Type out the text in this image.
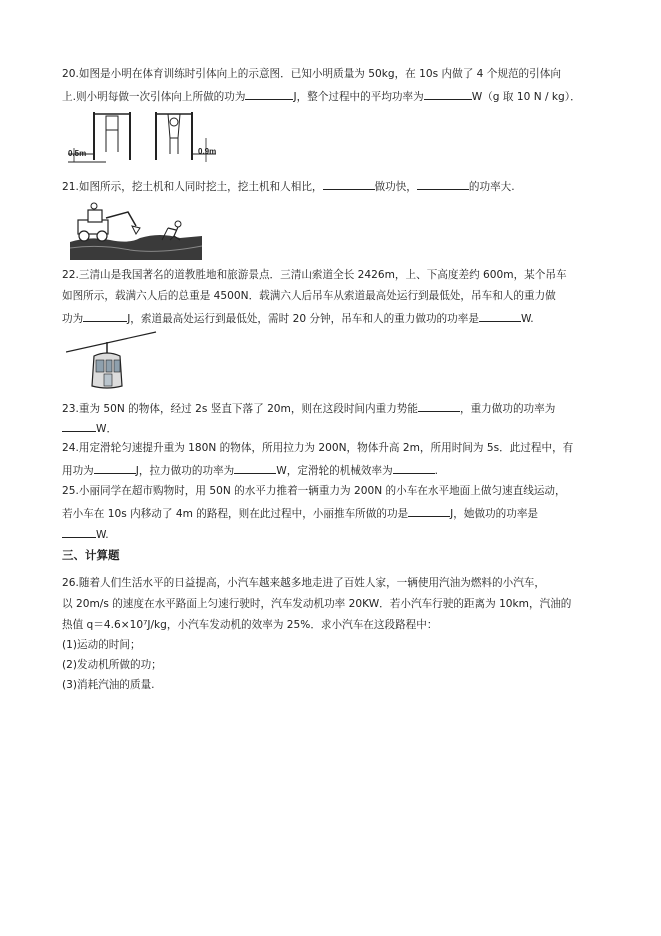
20.如图是小明在体育训练时引体向上的示意图．已知小明质量为 50kg，在 10s 内做了 4 个规范的引体向
上.则小明每做一次引体向上所做的功为	J，整个过程中的平均功率为	W（g 取 10 N / kg）．
0.5m	0.9m
21.如图所示，挖土机和人同时挖土，挖土机和人相比，	做功快，	的功率大.
22.三清山是我国著名的道教胜地和旅游景点．三清山索道全长 2426m，上、下高度差约 600m，某个吊车
如图所示，载满六人后的总重是 4500N．载满六人后吊车从索道最高处运行到最低处，吊车和人的重力做
功为	J，索道最高处运行到最低处，需时 20 分钟，吊车和人的重力做功的功率是	W.
23.重为 50N 的物体，经过 2s 竖直下落了 20m，则在这段时间内重力势能	，重力做功的功率为
W．
24.用定滑轮匀速提升重为 180N 的物体，所用拉力为 200N，物体升高 2m，所用时间为 5s．此过程中，有
用功为	J，拉力做功的功率为	W，定滑轮的机械效率为	.
25.小丽同学在超市购物时，用 50N 的水平力推着一辆重力为 200N 的小车在水平地面上做匀速直线运动，
若小车在 10s 内移动了 4m 的路程，则在此过程中，小丽推车所做的功是	J，她做功的功率是
W.
三、计算题
26.随着人们生活水平的日益提高，小汽车越来越多地走进了百姓人家，一辆使用汽油为燃料的小汽车，
以 20m/s 的速度在水平路面上匀速行驶时，汽车发动机功率 20KW．若小汽车行驶的距离为 10km，汽油的
热值 q＝4.6×10⁷J/kg，小汽车发动机的效率为 25%．求小汽车在这段路程中：
(1)运动的时间；
(2)发动机所做的功；
(3)消耗汽油的质量.
